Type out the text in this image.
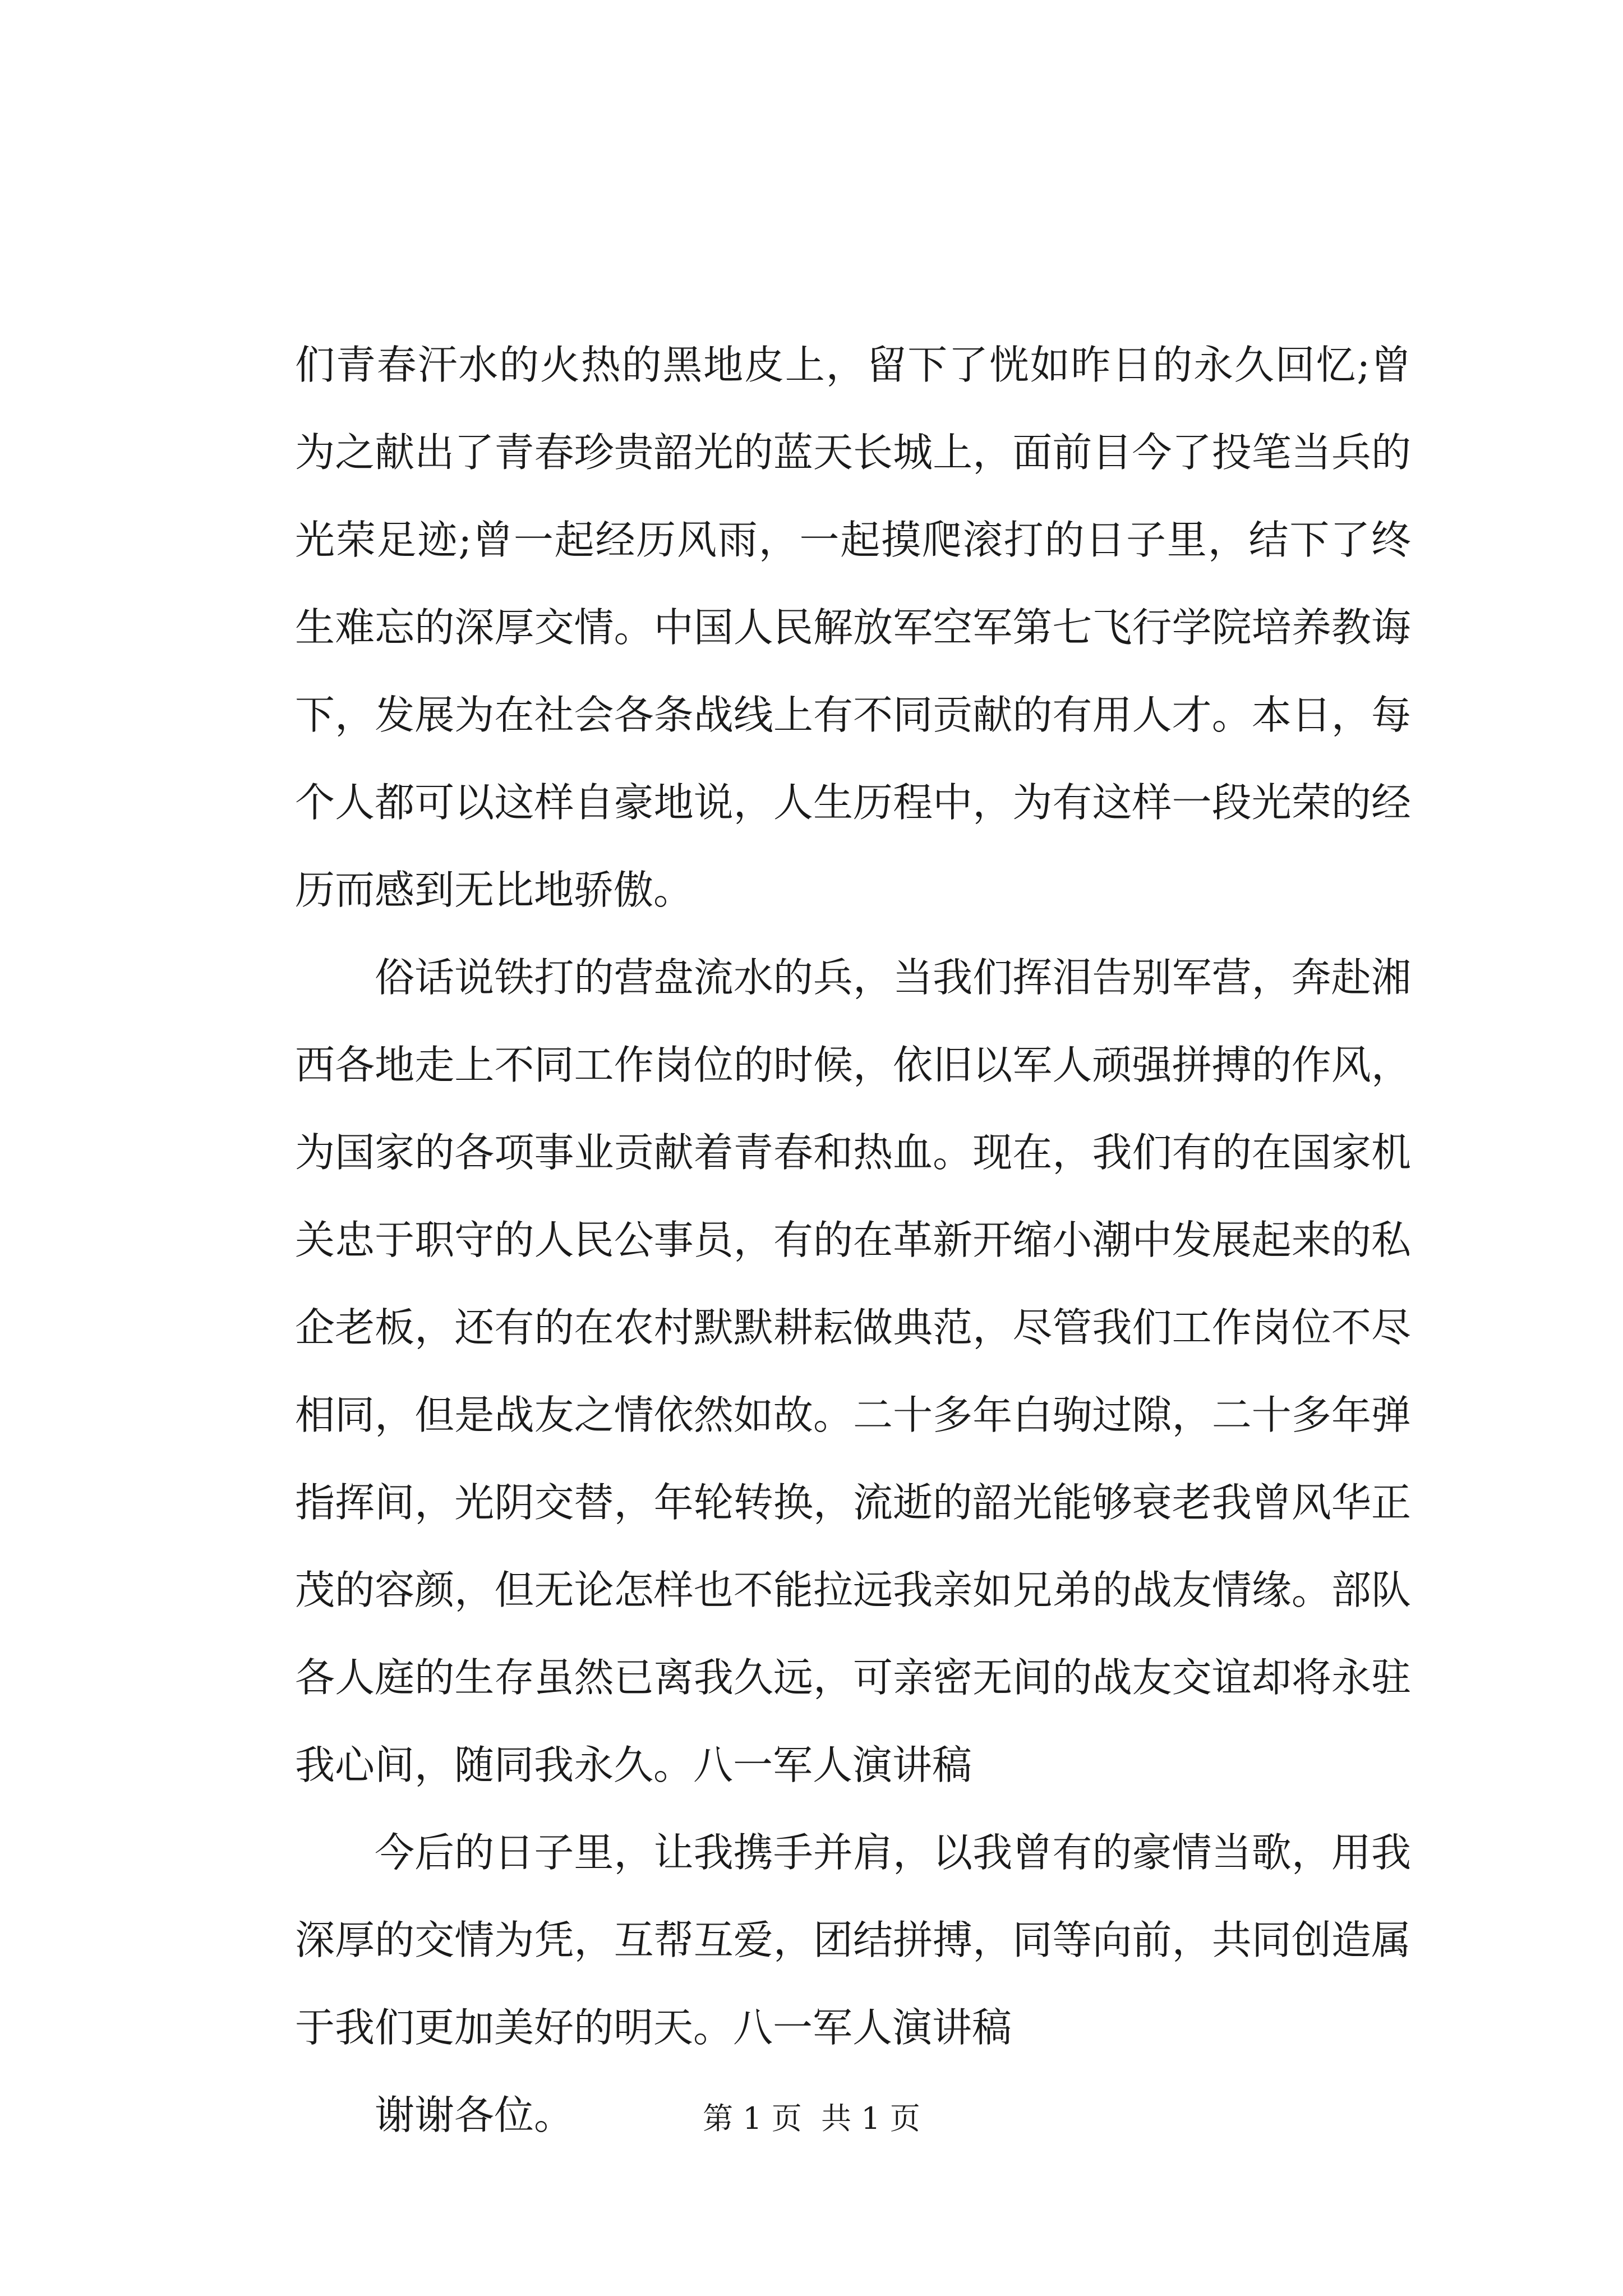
们青春汗水的火热的黑地皮上，留下了恍如昨日的永久回忆;曾
为之献出了青春珍贵韶光的蓝天长城上，面前目今了投笔当兵的
光荣足迹;曾一起经历风雨，一起摸爬滚打的日子里，结下了终
生难忘的深厚交情。中国人民解放军空军第七飞行学院培养教诲
下，发展为在社会各条战线上有不同贡献的有用人才。本日，每
个人都可以这样自豪地说，人生历程中，为有这样一段光荣的经
历而感到无比地骄傲。
俗话说铁打的营盘流水的兵，当我们挥泪告别军营，奔赴湘
西各地走上不同工作岗位的时候，依旧以军人顽强拼搏的作风，
为国家的各项事业贡献着青春和热血。现在，我们有的在国家机
关忠于职守的人民公事员，有的在革新开缩小潮中发展起来的私
企老板，还有的在农村默默耕耘做典范，尽管我们工作岗位不尽
相同，但是战友之情依然如故。二十多年白驹过隙，二十多年弹
指挥间，光阴交替，年轮转换，流逝的韶光能够衰老我曾风华正
茂的容颜，但无论怎样也不能拉远我亲如兄弟的战友情缘。部队
各人庭的生存虽然已离我久远，可亲密无间的战友交谊却将永驻
我心间，随同我永久。八一军人演讲稿
今后的日子里，让我携手并肩，以我曾有的豪情当歌，用我
深厚的交情为凭，互帮互爱，团结拼搏，同等向前，共同创造属
于我们更加美好的明天。八一军人演讲稿
谢谢各位。	第 1 页  共 1 页
